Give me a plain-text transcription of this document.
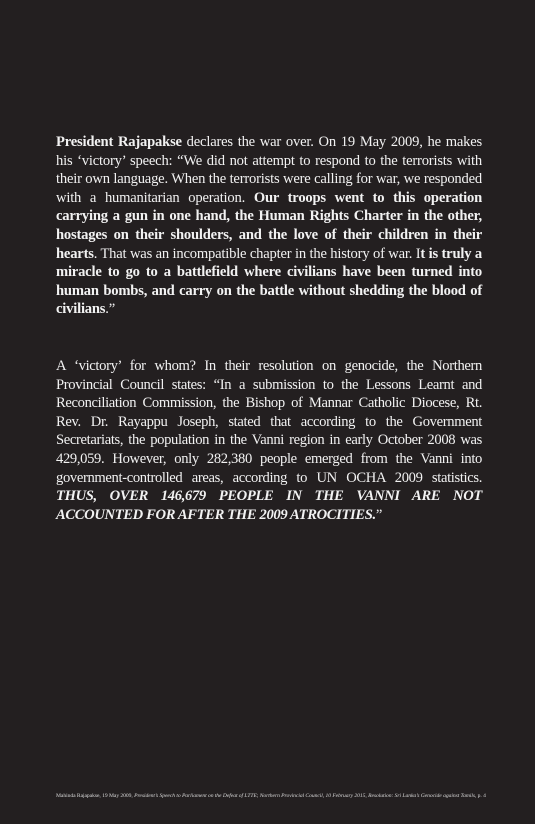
President Rajapakse declares the war over. On 19 May 2009, he makes his ‘victory’ speech: “We did not attempt to respond to the terrorists with their own language. When the terrorists were calling for war, we responded with a humanitarian operation. Our troops went to this operation carrying a gun in one hand, the Human Rights Charter in the other, hostages on their shoulders, and the love of their children in their hearts. That was an incompatible chapter in the history of war. It is truly a miracle to go to a battlefield where civilians have been turned into human bombs, and carry on the battle without shedding the blood of civilians.”

A ‘victory’ for whom? In their resolution on genocide, the Northern Provincial Council states: “In a submission to the Lessons Learnt and Reconciliation Commission, the Bishop of Mannar Catholic Diocese, Rt. Rev. Dr. Rayappu Joseph, stated that according to the Government Secretariats, the population in the Vanni region in early October 2008 was 429,059. However, only 282,380 people emerged from the Vanni into government-controlled areas, according to UN OCHA 2009 statistics. THUS, OVER 146,679 PEOPLE IN THE VANNI ARE NOT ACCOUNTED FOR AFTER THE 2009 ATROCITIES.”

Mahinda Rajapakse, 19 May 2009, President’s Speech to Parliament on the Defeat of LTTE; Northern Provincial Council, 10 February 2015, Resolution: Sri Lanka’s Genocide against Tamils, p. 4
